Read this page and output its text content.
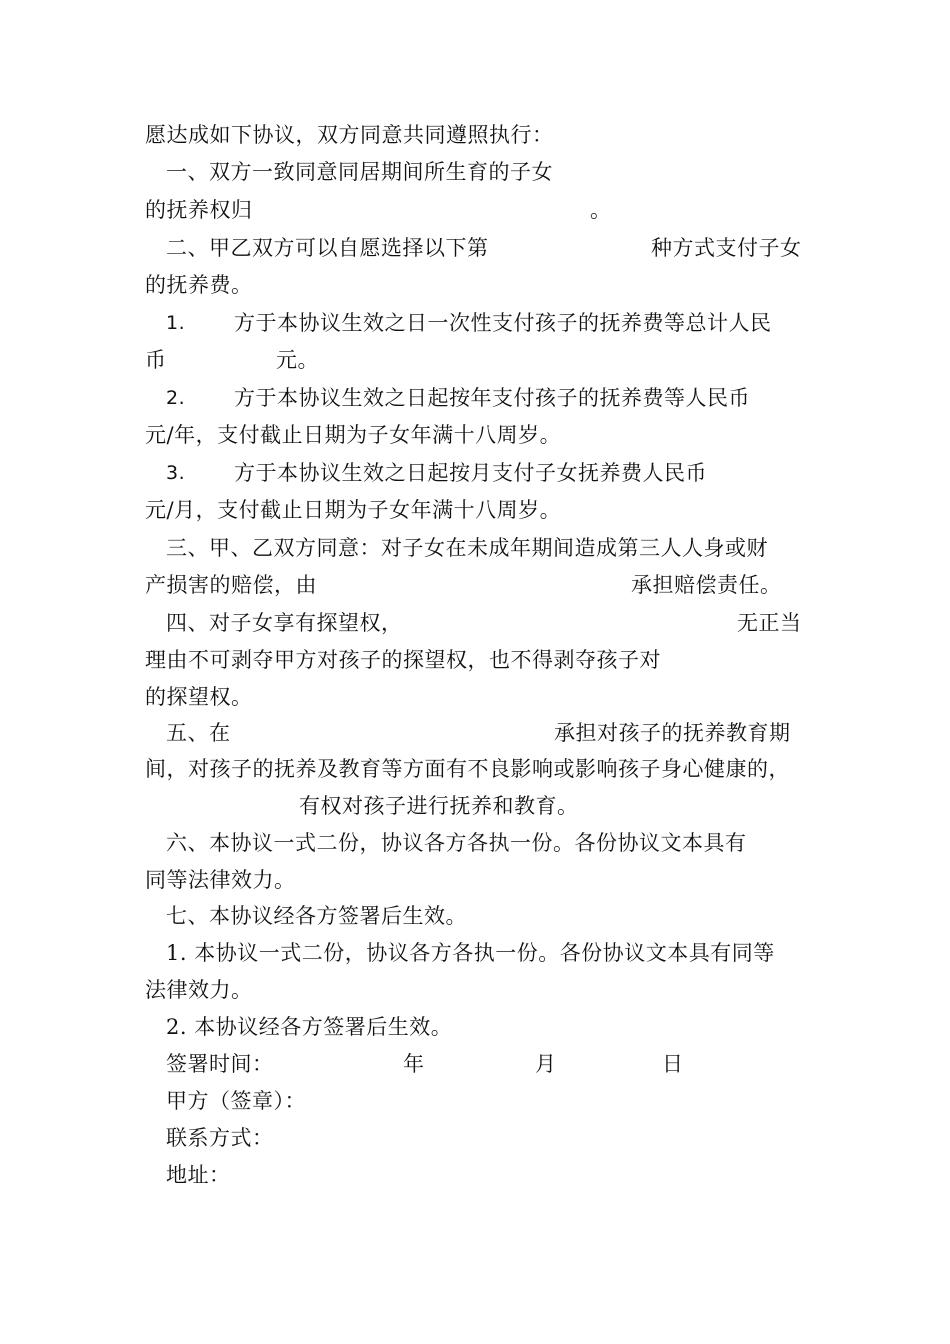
愿达成如下协议，双方同意共同遵照执行：
一、双方一致同意同居期间所生育的子女
的抚养权归	。
二、甲乙双方可以自愿选择以下第	种方式支付子女
的抚养费。
1. 方于本协议生效之日一次性支付孩子的抚养费等总计人民
币	元。
2. 方于本协议生效之日起按年支付孩子的抚养费等人民币
元/年，支付截止日期为子女年满十八周岁。
3. 方于本协议生效之日起按月支付子女抚养费人民币
元/月，支付截止日期为子女年满十八周岁。
三、甲、乙双方同意：对子女在未成年期间造成第三人人身或财
产损害的赔偿，由	承担赔偿责任。
四、对子女享有探望权，	无正当
理由不可剥夺甲方对孩子的探望权，也不得剥夺孩子对
的探望权。
五、在	承担对孩子的抚养教育期
间，对孩子的抚养及教育等方面有不良影响或影响孩子身心健康的，
有权对孩子进行抚养和教育。
六、本协议一式二份，协议各方各执一份。各份协议文本具有
同等法律效力。
七、本协议经各方签署后生效。
1. 本协议一式二份，协议各方各执一份。各份协议文本具有同等
法律效力。
2. 本协议经各方签署后生效。
签署时间：	年	月	日
甲方（签章）：
联系方式：
地址：
